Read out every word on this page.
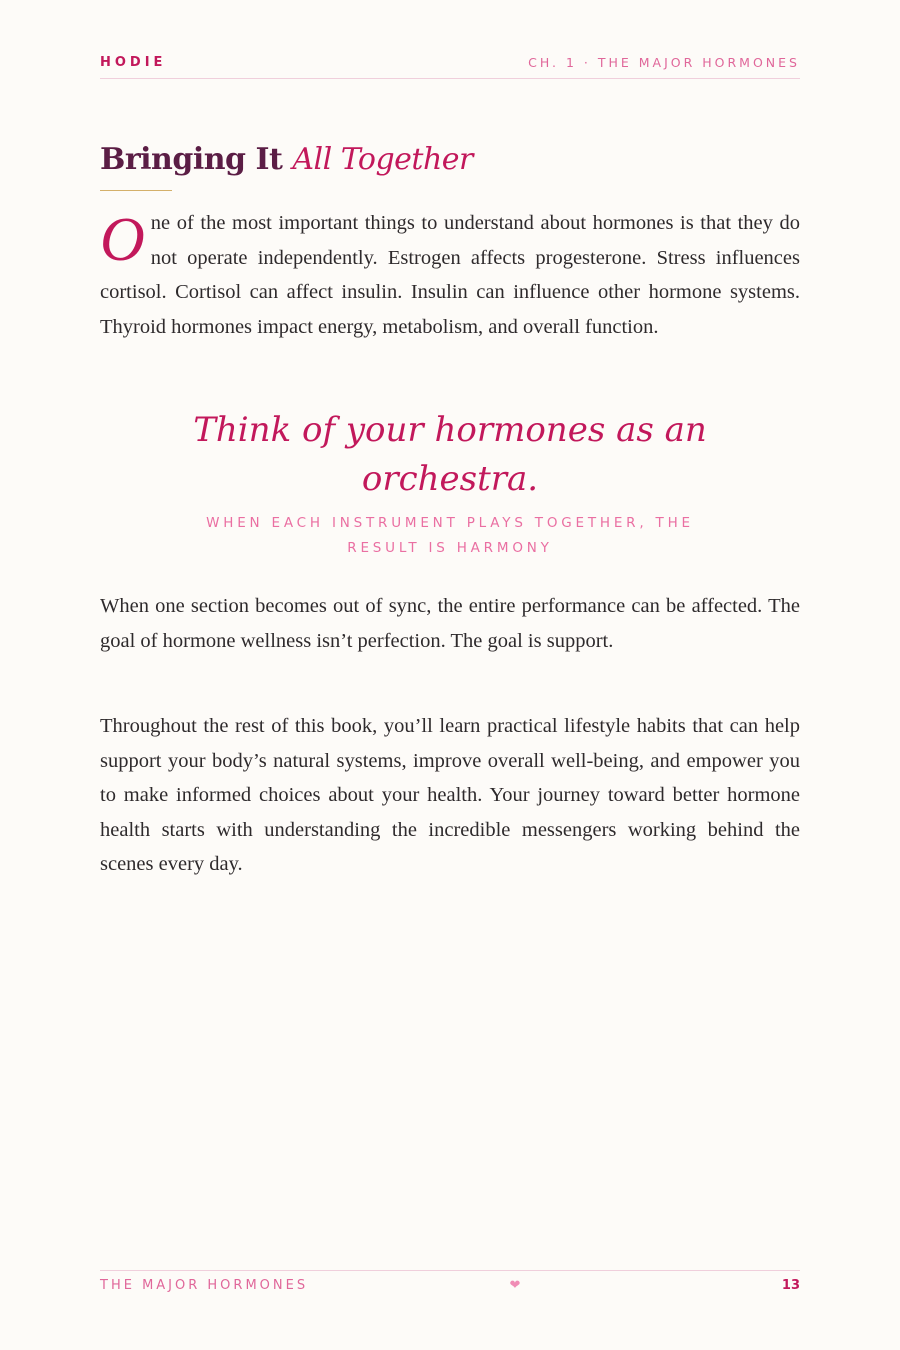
HODIE	CH. 1 · THE MAJOR HORMONES
Bringing It All Together

One of the most important things to understand about hormones is that they do not operate independently. Estrogen affects progesterone. Stress influences cortisol. Cortisol can affect insulin. Insulin can influence other hormone systems. Thyroid hormones impact energy, metabolism, and overall function.

Think of your hormones as an orchestra.

WHEN EACH INSTRUMENT PLAYS TOGETHER, THE RESULT IS HARMONY

When one section becomes out of sync, the entire performance can be affected. The goal of hormone wellness isn’t perfection. The goal is support.

Throughout the rest of this book, you’ll learn practical lifestyle habits that can help support your body’s natural systems, improve overall well-being, and empower you to make informed choices about your health. Your journey toward better hormone health starts with understanding the incredible messengers working behind the scenes every day.

THE MAJOR HORMONES	❤	13
